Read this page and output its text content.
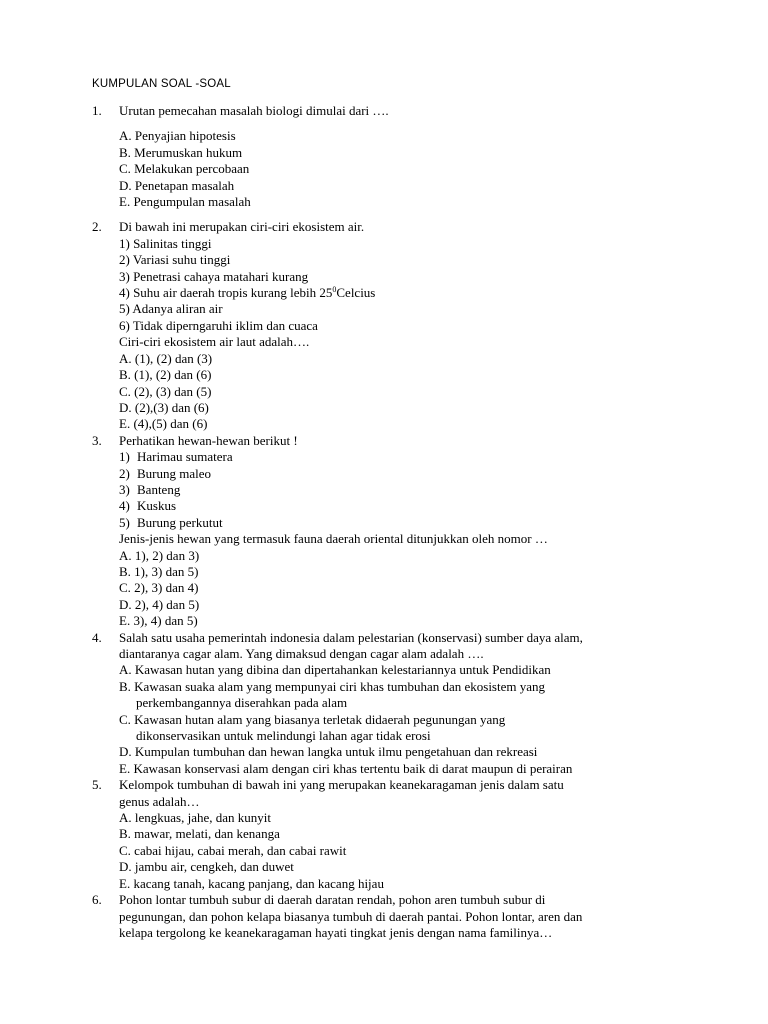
KUMPULAN SOAL -SOAL
1. Urutan pemecahan masalah biologi dimulai dari ….
A. Penyajian hipotesis
B. Merumuskan hukum
C. Melakukan percobaan
D. Penetapan masalah
E. Pengumpulan masalah
2. Di bawah ini merupakan ciri-ciri ekosistem air.
1) Salinitas tinggi
2) Variasi suhu tinggi
3) Penetrasi cahaya matahari kurang
4) Suhu air daerah tropis kurang lebih $25^0Celcius$
5) Adanya aliran air
6) Tidak diperngaruhi iklim dan cuaca
Ciri-ciri ekosistem air laut adalah….
A. (1), (2) dan (3)
B. (1), (2) dan (6)
C. (2), (3) dan (5)
D. (2),(3) dan (6)
E. (4),(5) dan (6)
3. Perhatikan hewan-hewan berikut !
1) Harimau sumatera
2) Burung maleo
3) Banteng
4) Kuskus
5) Burung perkutut
Jenis-jenis hewan yang termasuk fauna daerah oriental ditunjukkan oleh nomor …
A. 1), 2) dan 3)
B. 1), 3) dan 5)
C. 2), 3) dan 4)
D. 2), 4) dan 5)
E. 3), 4) dan 5)
4. Salah satu usaha pemerintah indonesia dalam pelestarian (konservasi) sumber daya alam,
diantaranya cagar alam. Yang dimaksud dengan cagar alam adalah ….
A. Kawasan hutan yang dibina dan dipertahankan kelestariannya untuk Pendidikan
B. Kawasan suaka alam yang mempunyai ciri khas tumbuhan dan ekosistem yang
perkembangannya diserahkan pada alam
C. Kawasan hutan alam yang biasanya terletak didaerah pegunungan yang
dikonservasikan untuk melindungi lahan agar tidak erosi
D. Kumpulan tumbuhan dan hewan langka untuk ilmu pengetahuan dan rekreasi
E. Kawasan konservasi alam dengan ciri khas tertentu baik di darat maupun di perairan
5. Kelompok tumbuhan di bawah ini yang merupakan keanekaragaman jenis dalam satu
genus adalah…
A. lengkuas, jahe, dan kunyit
B. mawar, melati, dan kenanga
C. cabai hijau, cabai merah, dan cabai rawit
D. jambu air, cengkeh, dan duwet
E. kacang tanah, kacang panjang, dan kacang hijau
6. Pohon lontar tumbuh subur di daerah daratan rendah, pohon aren tumbuh subur di
pegunungan, dan pohon kelapa biasanya tumbuh di daerah pantai. Pohon lontar, aren dan
kelapa tergolong ke keanekaragaman hayati tingkat jenis dengan nama familinya…
